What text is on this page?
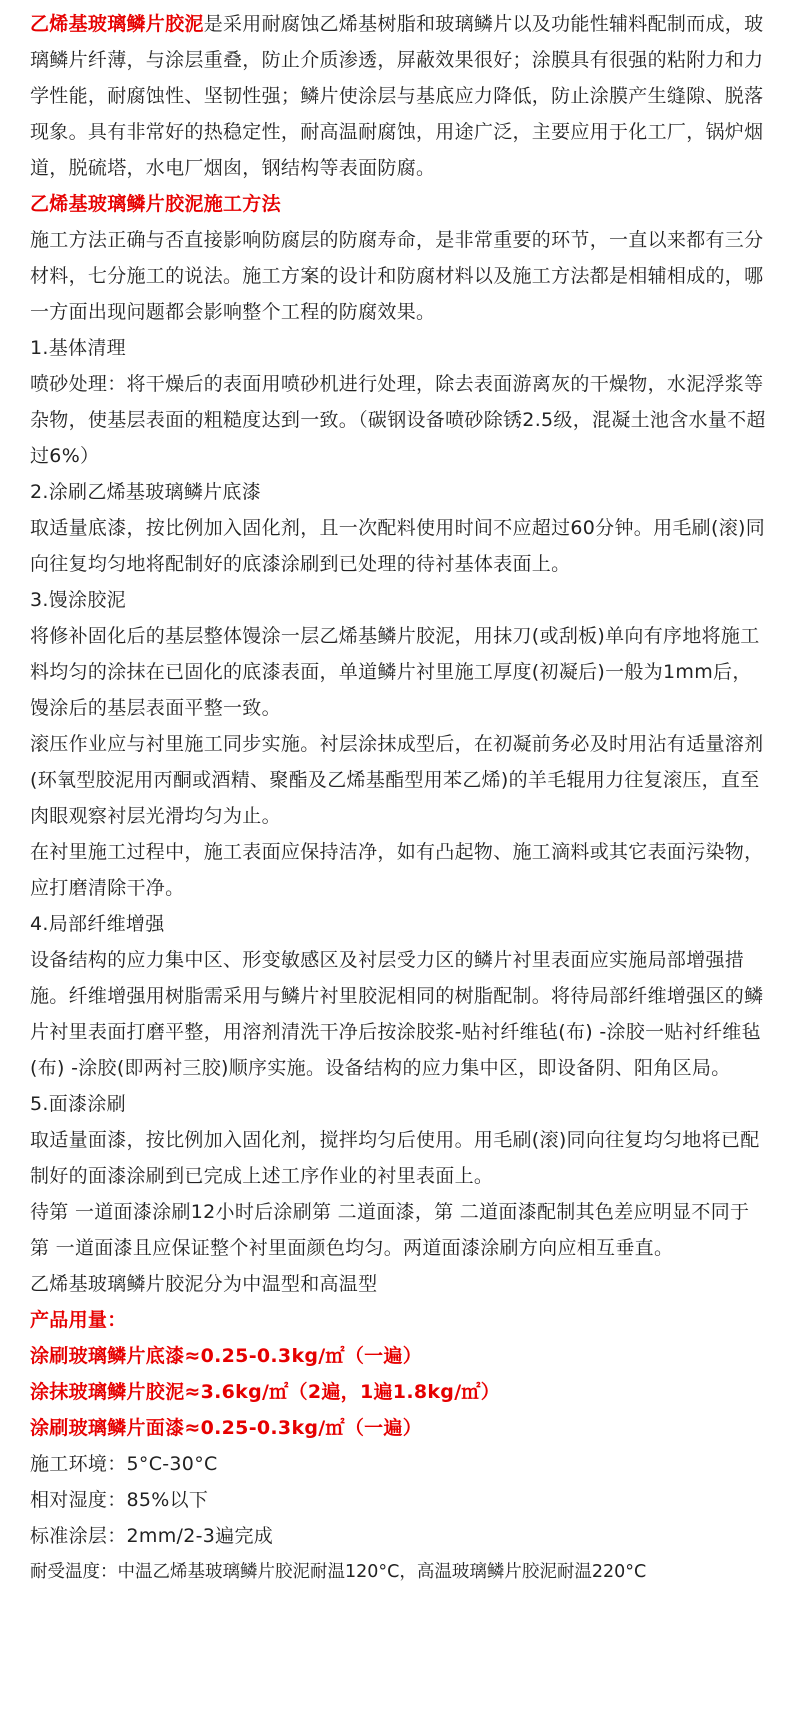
乙烯基玻璃鳞片胶泥是采用耐腐蚀乙烯基树脂和玻璃鳞片以及功能性辅料配制而成，玻璃鳞片纤薄，与涂层重叠，防止介质渗透，屏蔽效果很好；涂膜具有很强的粘附力和力学性能，耐腐蚀性、坚韧性强；鳞片使涂层与基底应力降低，防止涂膜产生缝隙、脱落现象。具有非常好的热稳定性，耐高温耐腐蚀，用途广泛，主要应用于化工厂，锅炉烟道，脱硫塔，水电厂烟囱，钢结构等表面防腐。

乙烯基玻璃鳞片胶泥施工方法

施工方法正确与否直接影响防腐层的防腐寿命，是非常重要的环节，一直以来都有三分材料，七分施工的说法。施工方案的设计和防腐材料以及施工方法都是相辅相成的，哪一方面出现问题都会影响整个工程的防腐效果。

1.基体清理

喷砂处理：将干燥后的表面用喷砂机进行处理，除去表面游离灰的干燥物，水泥浮浆等杂物，使基层表面的粗糙度达到一致。（碳钢设备喷砂除锈2.5级，混凝土池含水量不超过6%）

2.涂刷乙烯基玻璃鳞片底漆

取适量底漆，按比例加入固化剂，且一次配料使用时间不应超过60分钟。用毛刷(滚)同向往复均匀地将配制好的底漆涂刷到已处理的待衬基体表面上。

3.馒涂胶泥

将修补固化后的基层整体馒涂一层乙烯基鳞片胶泥，用抹刀(或刮板)单向有序地将施工料均匀的涂抹在已固化的底漆表面，单道鳞片衬里施工厚度(初凝后)一般为1mm后，馒涂后的基层表面平整一致。

滚压作业应与衬里施工同步实施。衬层涂抹成型后，在初凝前务必及时用沾有适量溶剂(环氧型胶泥用丙酮或酒精、聚酯及乙烯基酯型用苯乙烯)的羊毛辊用力往复滚压，直至肉眼观察衬层光滑均匀为止。

在衬里施工过程中，施工表面应保持洁净，如有凸起物、施工滴料或其它表面污染物，应打磨清除干净。

4.局部纤维增强

设备结构的应力集中区、形变敏感区及衬层受力区的鳞片衬里表面应实施局部增强措施。纤维增强用树脂需采用与鳞片衬里胶泥相同的树脂配制。将待局部纤维增强区的鳞片衬里表面打磨平整，用溶剂清洗干净后按涂胶浆-贴衬纤维毡(布) -涂胶一贴衬纤维毡(布) -涂胶(即两衬三胶)顺序实施。设备结构的应力集中区，即设备阴、阳角区局。

5.面漆涂刷

取适量面漆，按比例加入固化剂，搅拌均匀后使用。用毛刷(滚)同向往复均匀地将已配制好的面漆涂刷到已完成上述工序作业的衬里表面上。

待第 一道面漆涂刷12小时后涂刷第 二道面漆，第 二道面漆配制其色差应明显不同于第 一道面漆且应保证整个衬里面颜色均匀。两道面漆涂刷方向应相互垂直。

乙烯基玻璃鳞片胶泥分为中温型和高温型

产品用量：

涂刷玻璃鳞片底漆≈0.25-0.3kg/㎡（一遍）

涂抹玻璃鳞片胶泥≈3.6kg/㎡（2遍，1遍1.8kg/㎡）

涂刷玻璃鳞片面漆≈0.25-0.3kg/㎡（一遍）

施工环境：5°C-30°C

相对湿度：85%以下

标准涂层：2mm/2-3遍完成

耐受温度：中温乙烯基玻璃鳞片胶泥耐温120°C，高温玻璃鳞片胶泥耐温220°C
